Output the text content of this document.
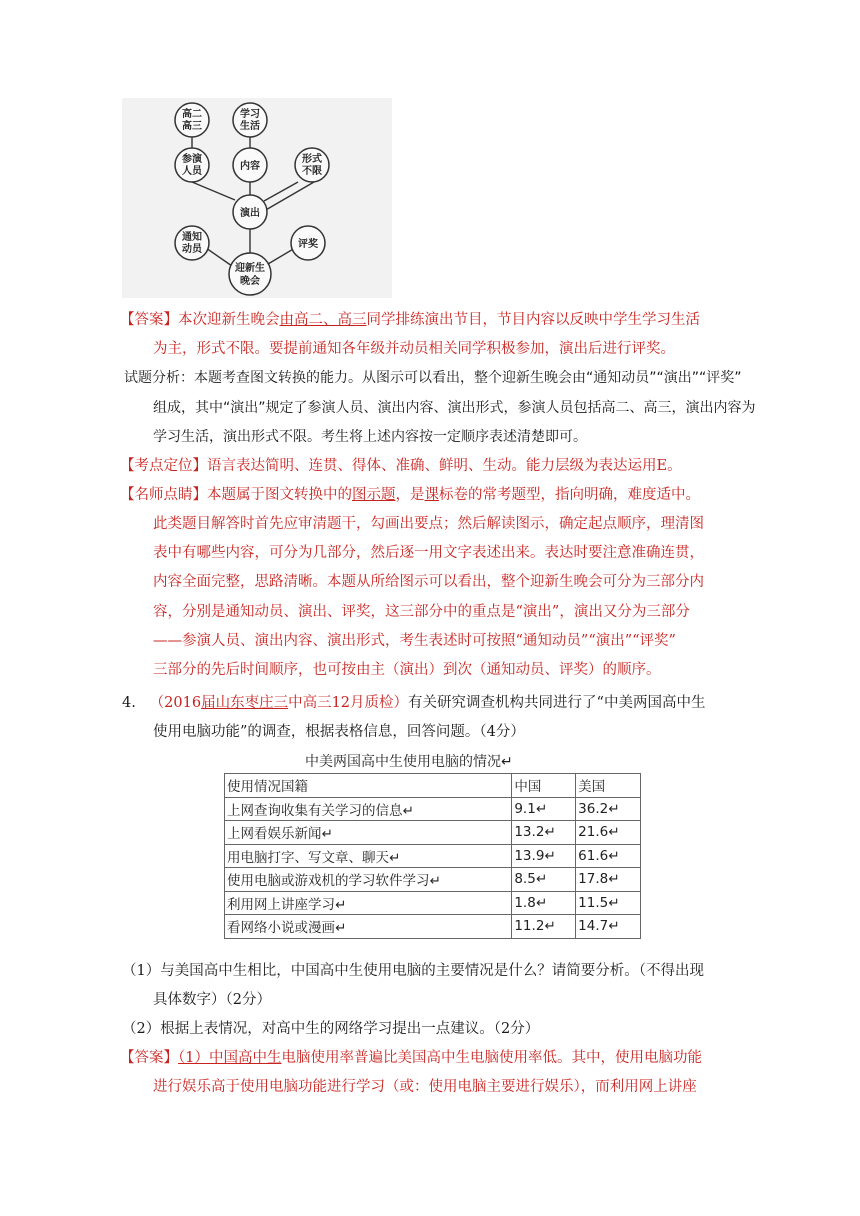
高二
高三
学习
生活
参演
人员	内容
形式
不限
演出
通知
动员	评奖
迎新生
晚会
【答案】本次迎新生晚会由高二、高三同学排练演出节目，节目内容以反映中学生学习生活
为主，形式不限。要提前通知各年级并动员相关同学积极参加，演出后进行评奖。
试题分析：本题考查图文转换的能力。从图示可以看出，整个迎新生晚会由“通知动员”“演出”“评奖”
组成，其中“演出”规定了参演人员、演出内容、演出形式，参演人员包括高二、高三，演出内容为
学习生活，演出形式不限。考生将上述内容按一定顺序表述清楚即可。
【考点定位】语言表达简明、连贯、得体、准确、鲜明、生动。能力层级为表达运用E。
【名师点睛】本题属于图文转换中的图示题，是课标卷的常考题型，指向明确，难度适中。
此类题目解答时首先应审清题干，勾画出要点；然后解读图示，确定起点顺序，理清图
表中有哪些内容，可分为几部分，然后逐一用文字表述出来。表达时要注意准确连贯，
内容全面完整，思路清晰。本题从所给图示可以看出，整个迎新生晚会可分为三部分内
容，分别是通知动员、演出、评奖，这三部分中的重点是“演出”，演出又分为三部分
——参演人员、演出内容、演出形式，考生表述时可按照“通知动员”“演出”“评奖”
三部分的先后时间顺序，也可按由主（演出）到次（通知动员、评奖）的顺序。
4. （2016届山东枣庄三中高三12月质检）有关研究调查机构共同进行了“中美两国高中生
使用电脑功能”的调查，根据表格信息，回答问题。（4分）
中美两国高中生使用电脑的情况↵
使用情况国籍	中国	美国
上网查询收集有关学习的信息↵	9.1↵	36.2↵
上网看娱乐新闻↵	13.2↵	21.6↵
用电脑打字、写文章、聊天↵	13.9↵	61.6↵
使用电脑或游戏机的学习软件学习↵	8.5↵	17.8↵
利用网上讲座学习↵	1.8↵	11.5↵
看网络小说或漫画↵	11.2↵	14.7↵
（1）与美国高中生相比，中国高中生使用电脑的主要情况是什么？请简要分析。（不得出现
具体数字）（2分）
（2）根据上表情况，对高中生的网络学习提出一点建议。（2分）
【答案】（1）中国高中生电脑使用率普遍比美国高中生电脑使用率低。其中，使用电脑功能
进行娱乐高于使用电脑功能进行学习（或：使用电脑主要进行娱乐），而利用网上讲座
